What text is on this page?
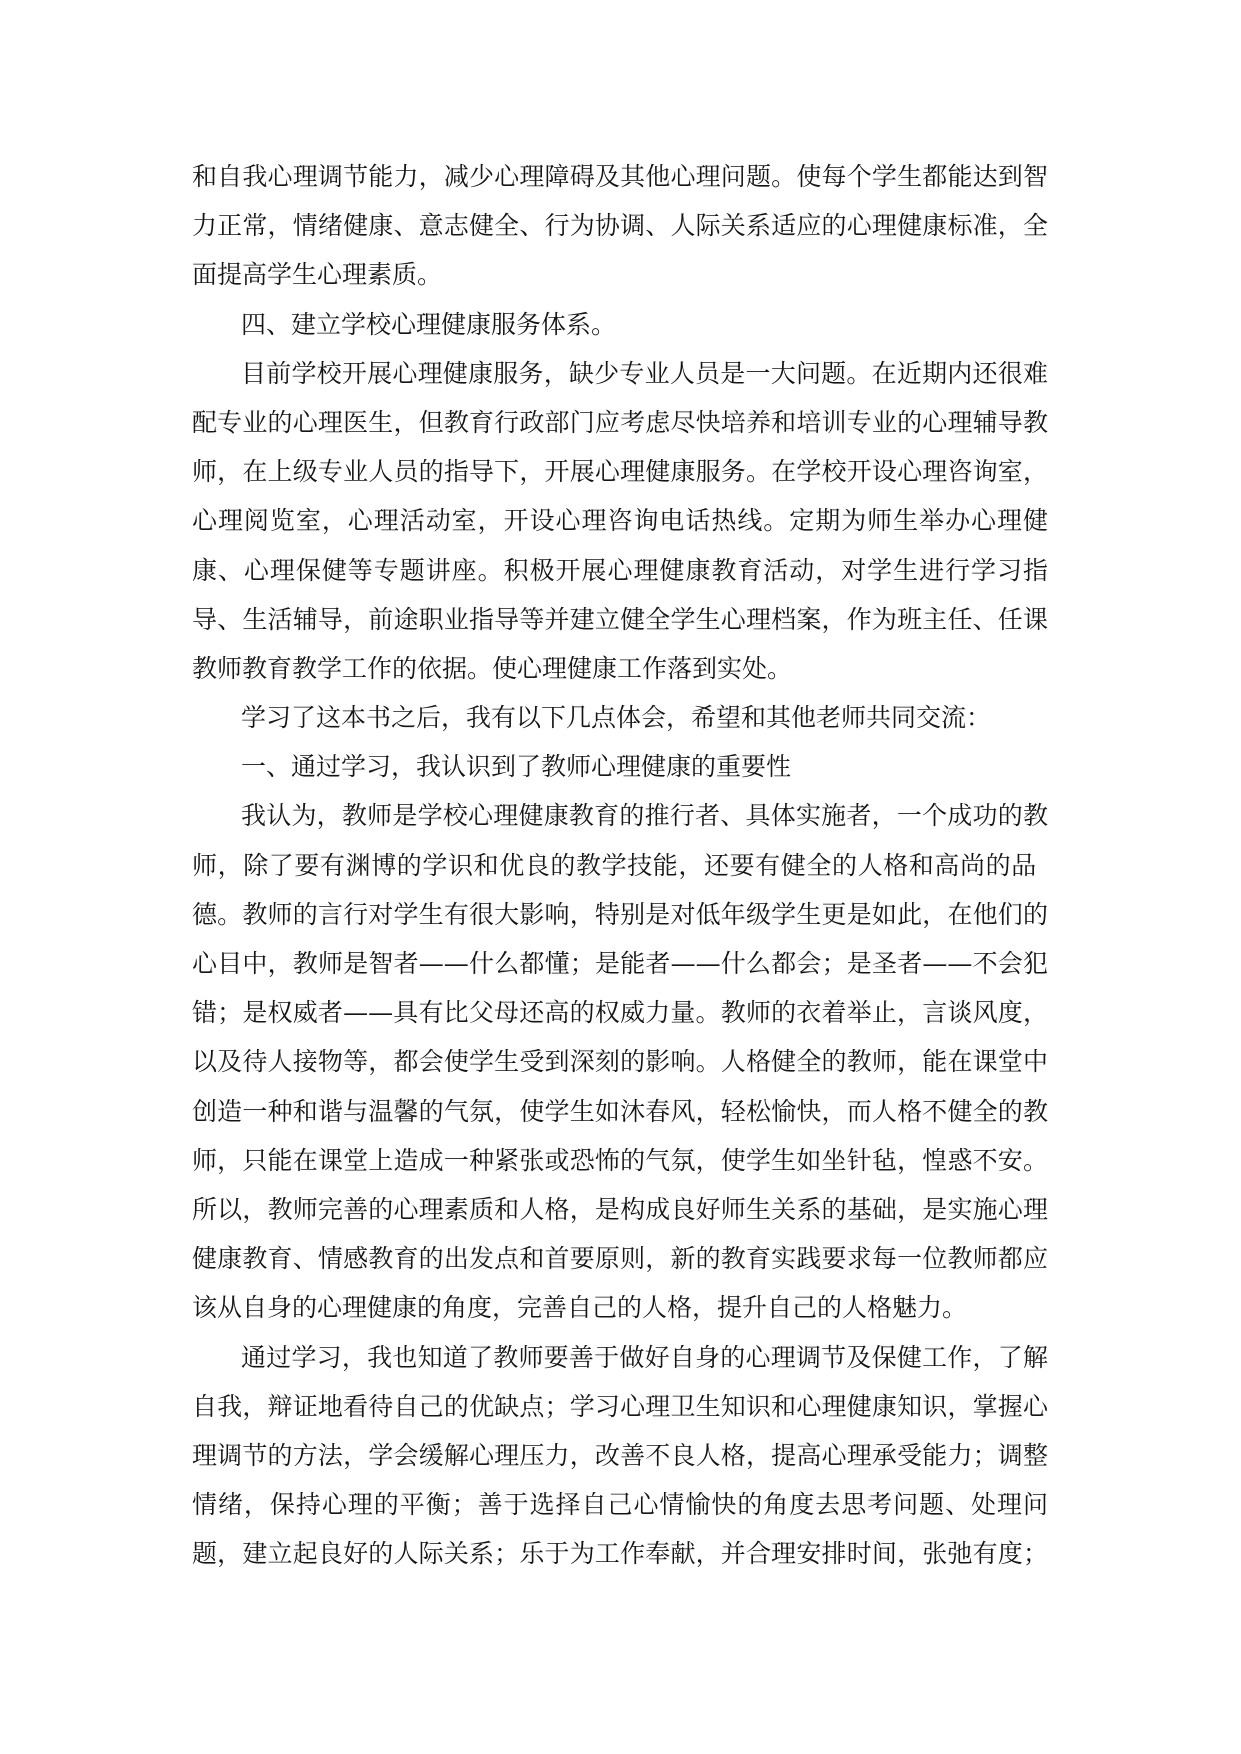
和自我心理调节能力，减少心理障碍及其他心理问题。使每个学生都能达到智
力正常，情绪健康、意志健全、行为协调、人际关系适应的心理健康标准，全
面提高学生心理素质。
四、建立学校心理健康服务体系。
目前学校开展心理健康服务，缺少专业人员是一大问题。在近期内还很难
配专业的心理医生，但教育行政部门应考虑尽快培养和培训专业的心理辅导教
师，在上级专业人员的指导下，开展心理健康服务。在学校开设心理咨询室，
心理阅览室，心理活动室，开设心理咨询电话热线。定期为师生举办心理健
康、心理保健等专题讲座。积极开展心理健康教育活动，对学生进行学习指
导、生活辅导，前途职业指导等并建立健全学生心理档案，作为班主任、任课
教师教育教学工作的依据。使心理健康工作落到实处。
学习了这本书之后，我有以下几点体会，希望和其他老师共同交流：
一、通过学习，我认识到了教师心理健康的重要性
我认为，教师是学校心理健康教育的推行者、具体实施者，一个成功的教
师，除了要有渊博的学识和优良的教学技能，还要有健全的人格和高尚的品
德。教师的言行对学生有很大影响，特别是对低年级学生更是如此，在他们的
心目中，教师是智者——什么都懂；是能者——什么都会；是圣者——不会犯
错；是权威者——具有比父母还高的权威力量。教师的衣着举止，言谈风度，
以及待人接物等，都会使学生受到深刻的影响。人格健全的教师，能在课堂中
创造一种和谐与温馨的气氛，使学生如沐春风，轻松愉快，而人格不健全的教
师，只能在课堂上造成一种紧张或恐怖的气氛，使学生如坐针毡，惶惑不安。
所以，教师完善的心理素质和人格，是构成良好师生关系的基础，是实施心理
健康教育、情感教育的出发点和首要原则，新的教育实践要求每一位教师都应
该从自身的心理健康的角度，完善自己的人格，提升自己的人格魅力。
通过学习，我也知道了教师要善于做好自身的心理调节及保健工作，了解
自我，辩证地看待自己的优缺点；学习心理卫生知识和心理健康知识，掌握心
理调节的方法，学会缓解心理压力，改善不良人格，提高心理承受能力；调整
情绪，保持心理的平衡；善于选择自己心情愉快的角度去思考问题、处理问
题，建立起良好的人际关系；乐于为工作奉献，并合理安排时间，张弛有度；
